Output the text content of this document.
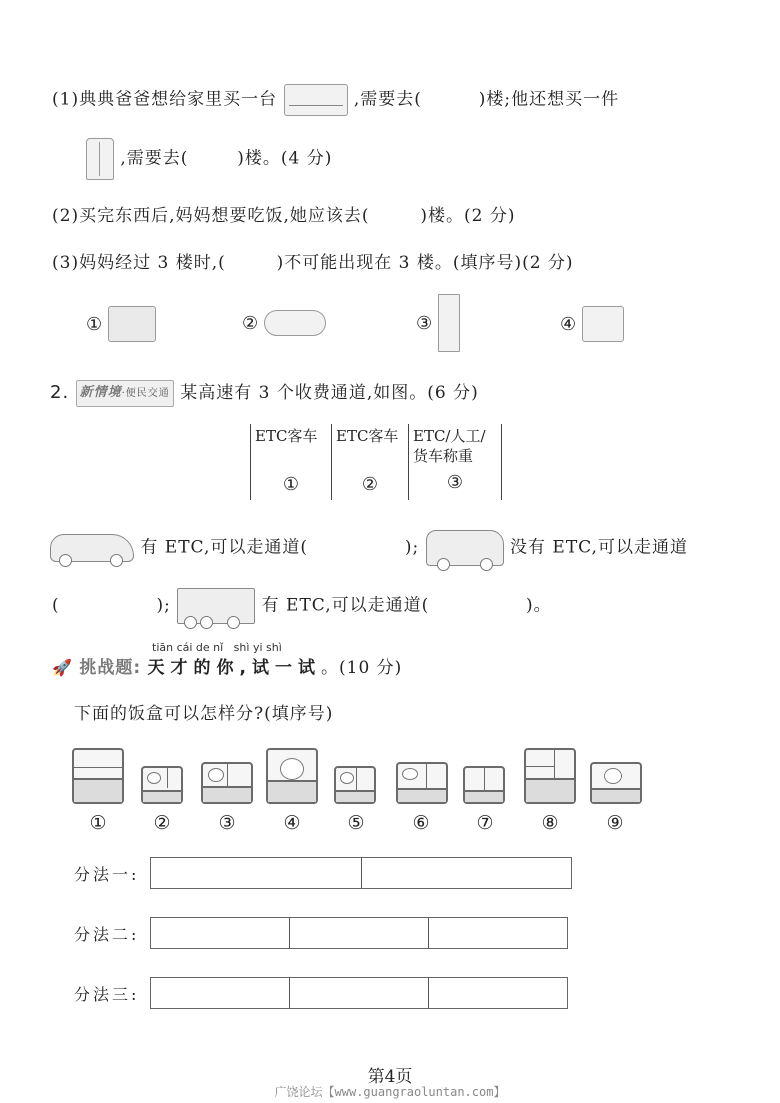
(1)典典爸爸想给家里买一台	,需要去(	)楼;他还想买一件
,需要去(	)楼。(4 分)
(2)买完东西后,妈妈想要吃饭,她应该去(	)楼。(2 分)
(3)妈妈经过 3 楼时,(	)不可能出现在 3 楼。(填序号)(2 分)
①	②	③	④
2. 新情境·便民交通 某高速有 3 个收费通道,如图。(6 分)
ETC客车
①

ETC客车
②

ETC/人工/货车称重
③
有 ETC,可以走通道(	);	没有 ETC,可以走通道
(	);	有 ETC,可以走通道(	)。
tiān cái de nǐ   shì yi shì
🚀 挑战题: 天才的你,试一试。(10 分)
下面的饭盒可以怎样分?(填序号)
①	②	③	④	⑤	⑥	⑦	⑧	⑨
分法一:
分法二:
分法三:
第4页
广饶论坛【www.guangraoluntan.com】
